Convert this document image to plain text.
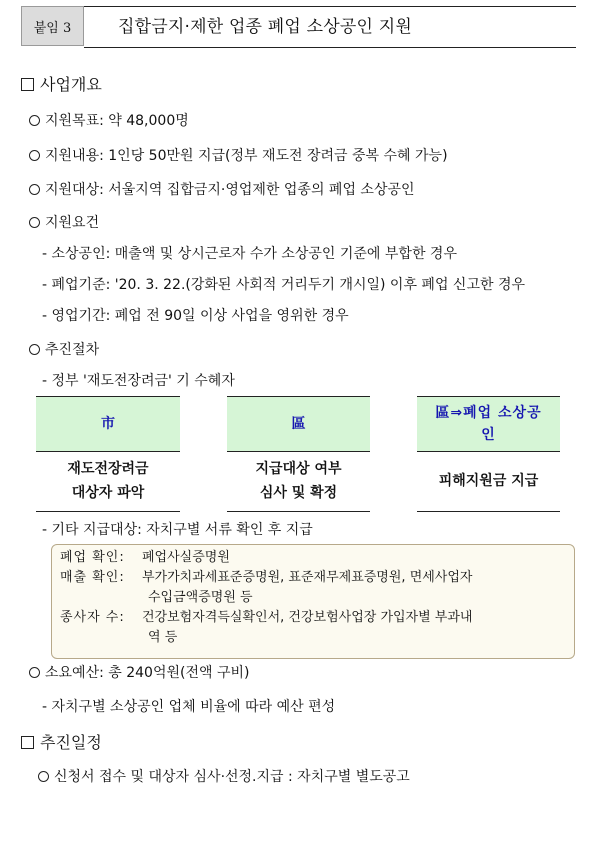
붙임 3	집합금지·제한 업종 폐업 소상공인 지원
사업개요
지원목표: 약 48,000명
지원내용: 1인당 50만원 지급(정부 재도전 장려금 중복 수혜 가능)
지원대상: 서울지역 집합금지·영업제한 업종의 폐업 소상공인
지원요건
- 소상공인: 매출액 및 상시근로자 수가 소상공인 기준에 부합한 경우
- 폐업기준: '20. 3. 22.(강화된 사회적 거리두기 개시일) 이후 폐업 신고한 경우
- 영업기간: 폐업 전 90일 이상 사업을 영위한 경우
추진절차
- 정부 '재도전장려금' 기 수혜자
市
재도전장려금
대상자 파악
區
지급대상 여부
심사 및 확정
區⇒폐업 소상공
인
피해지원금 지급
- 기타 지급대상: 자치구별 서류 확인 후 지급
폐업 확인:	폐업사실증명원
매출 확인:	부가가치과세표준증명원, 표준재무제표증명원, 면세사업자
수입금액증명원 등
종사자 수:	건강보험자격득실확인서, 건강보험사업장 가입자별 부과내
역 등
소요예산: 총 240억원(전액 구비)
- 자치구별 소상공인 업체 비율에 따라 예산 편성
추진일정
신청서 접수 및 대상자 심사·선정.지급 : 자치구별 별도공고
